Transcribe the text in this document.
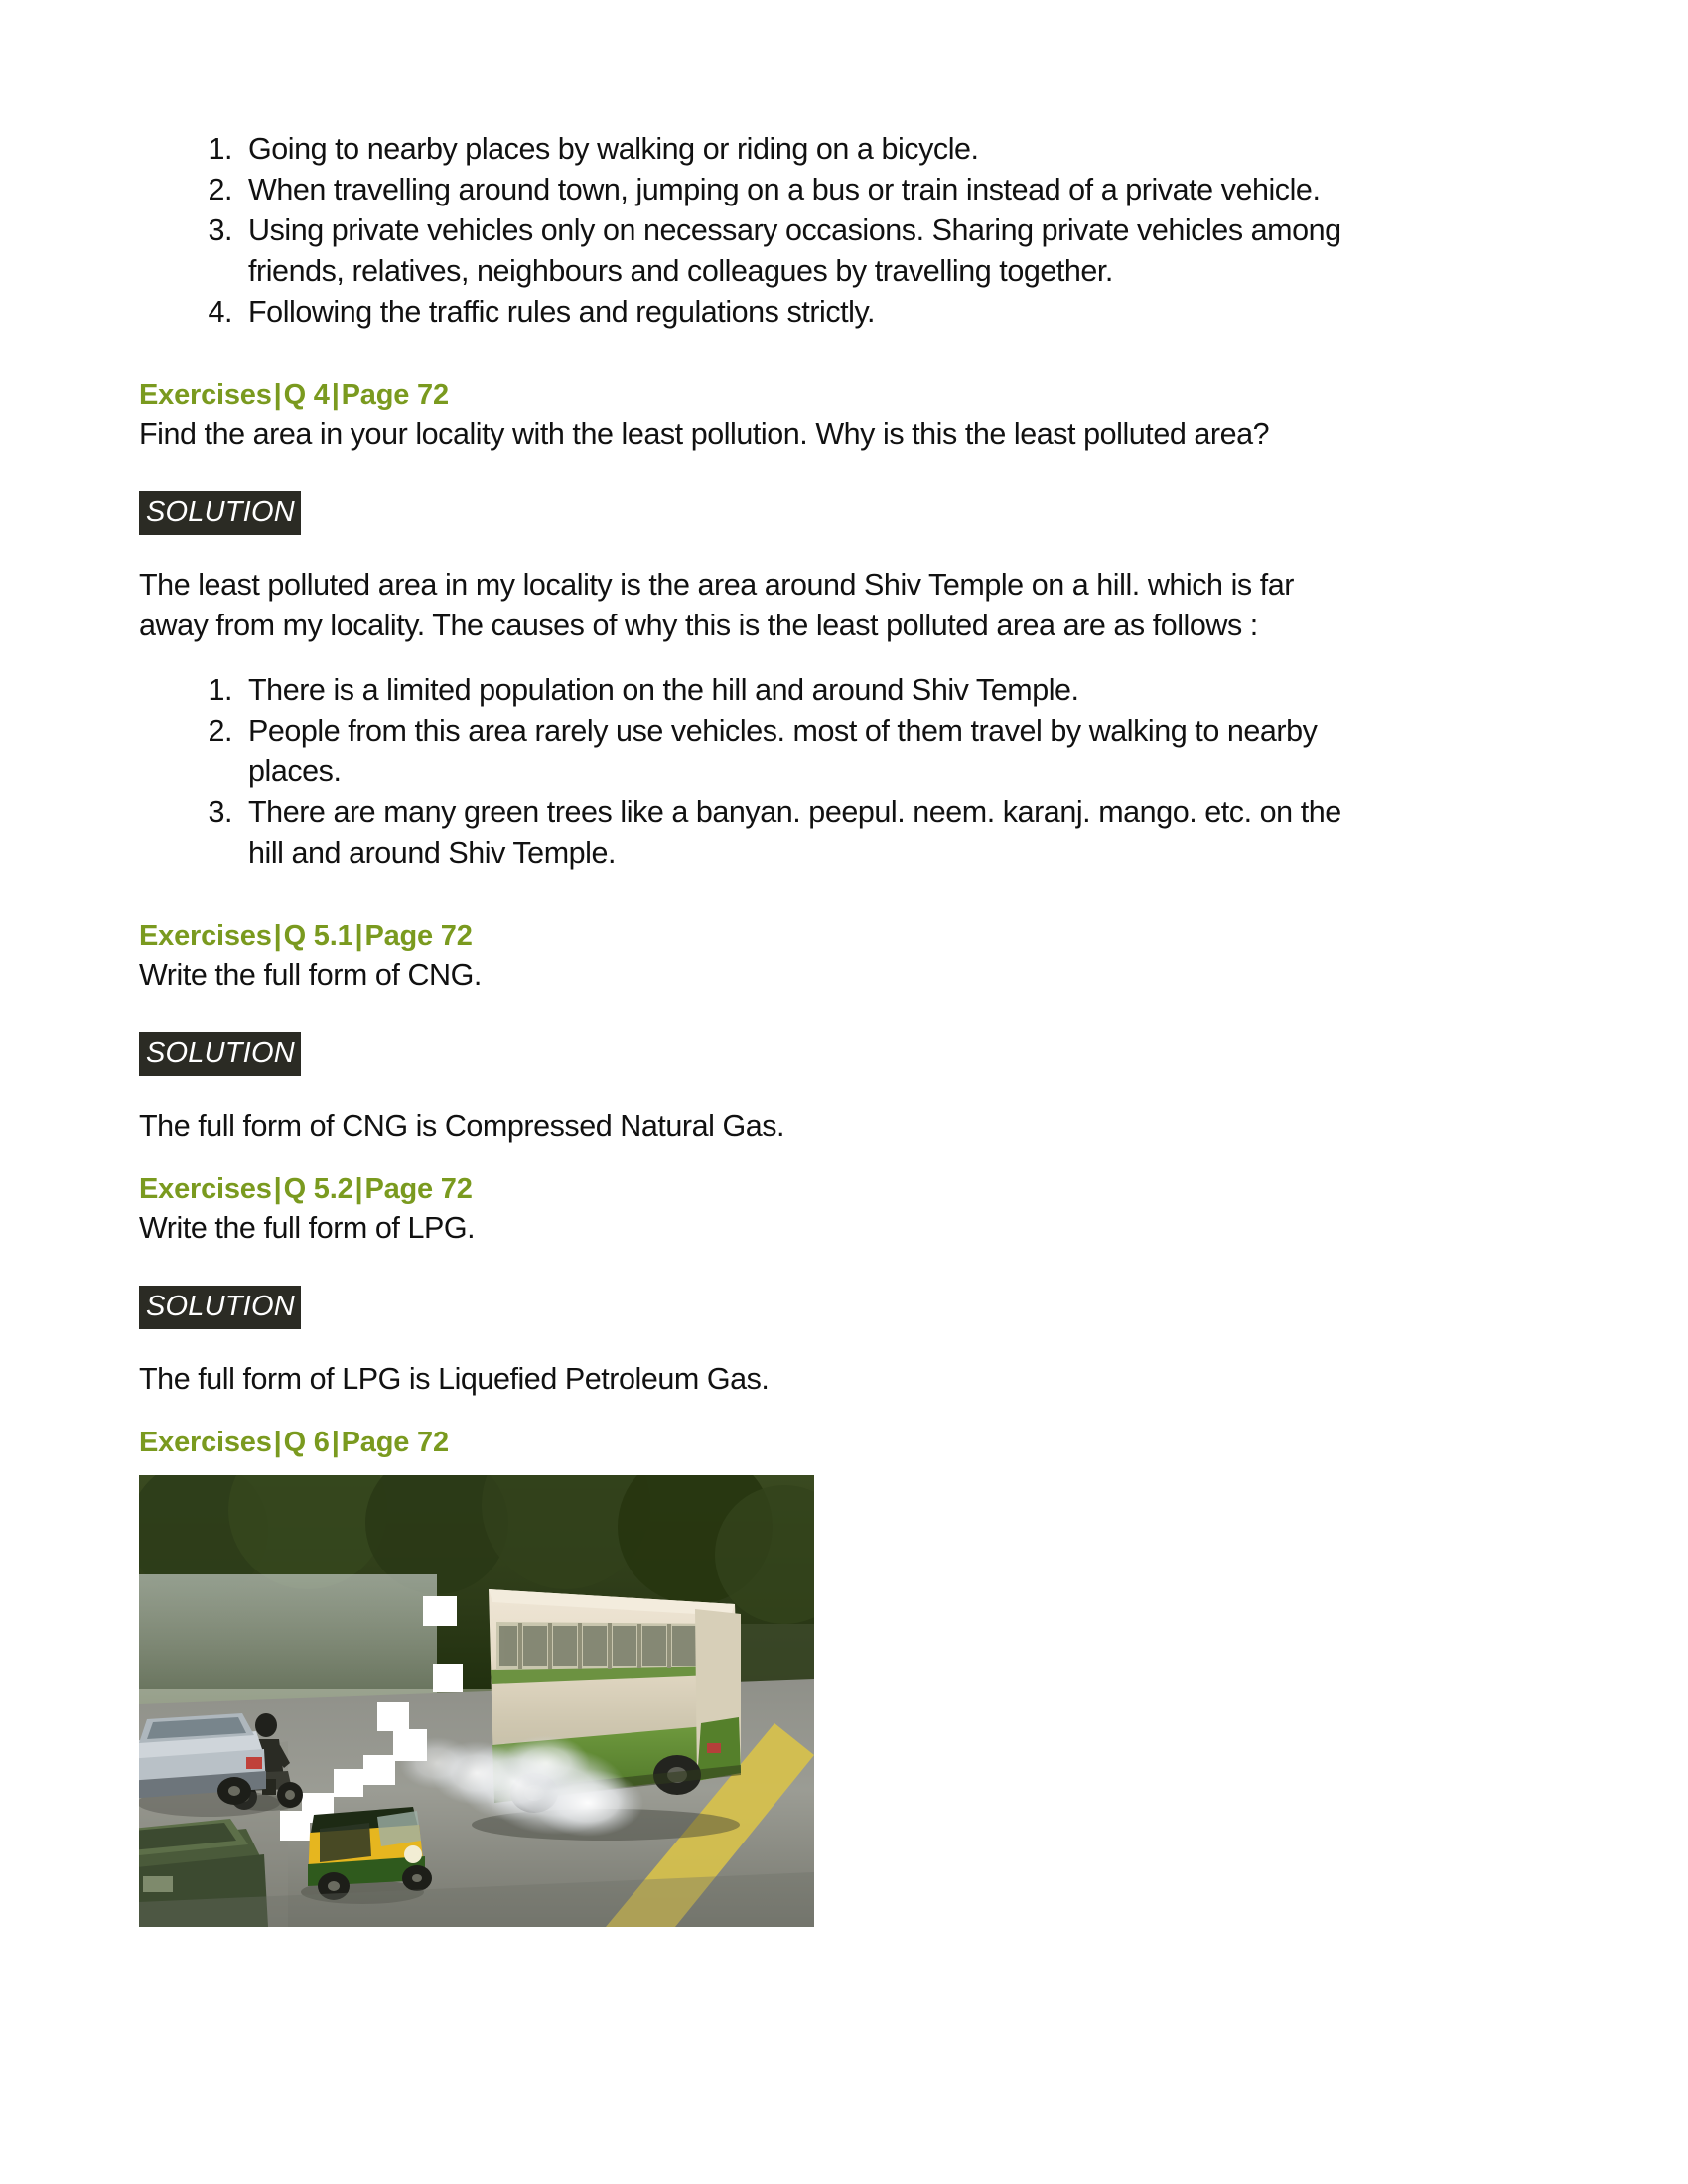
Going to nearby places by walking or riding on a bicycle.
When travelling around town, jumping on a bus or train instead of a private vehicle.
Using private vehicles only on necessary occasions. Sharing private vehicles among friends, relatives, neighbours and colleagues by travelling together.
Following the traffic rules and regulations strictly.

Exercises|Q 4|Page 72

Find the area in your locality with the least pollution. Why is this the least polluted area?

SOLUTION

The least polluted area in my locality is the area around Shiv Temple on a hill. which is far away from my locality. The causes of why this is the least polluted area are as follows :

There is a limited population on the hill and around Shiv Temple.
People from this area rarely use vehicles. most of them travel by walking to nearby places.
There are many green trees like a banyan. peepul. neem. karanj. mango. etc. on the hill and around Shiv Temple.

Exercises|Q 5.1|Page 72

Write the full form of CNG.

SOLUTION

The full form of CNG is Compressed Natural Gas.

Exercises|Q 5.2|Page 72

Write the full form of LPG.

SOLUTION

The full form of LPG is Liquefied Petroleum Gas.

Exercises|Q 6|Page 72
